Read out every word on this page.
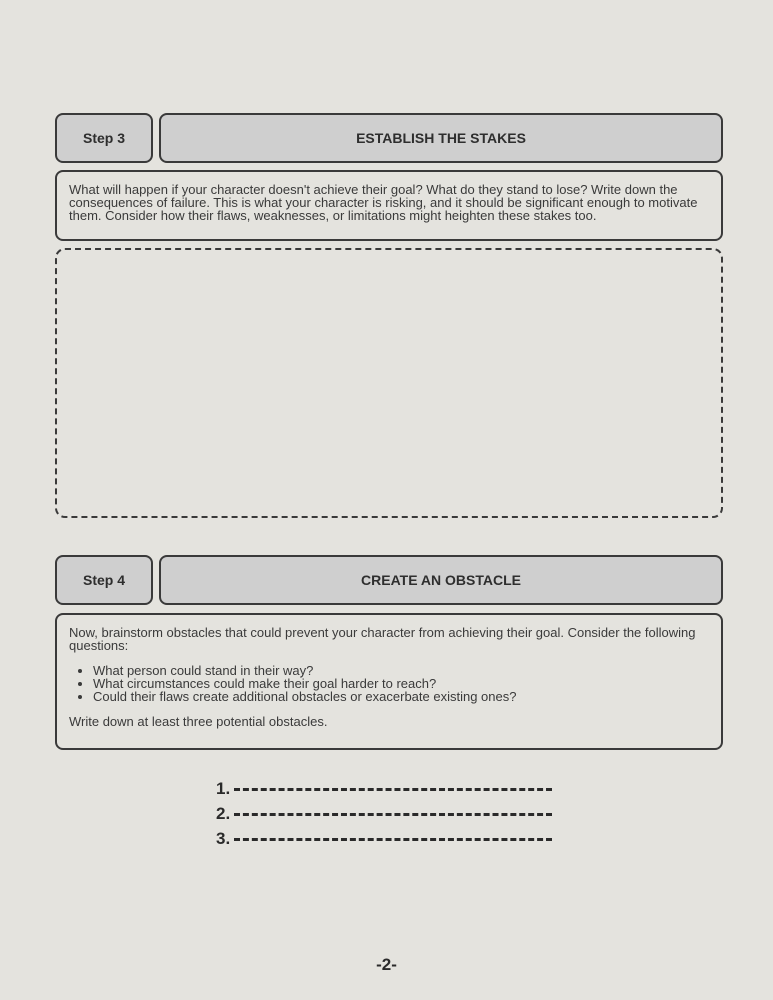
Step 3	ESTABLISH THE STAKES

What will happen if your character doesn't achieve their goal? What do they stand to lose? Write down the consequences of failure. This is what your character is risking, and it should be significant enough to motivate them. Consider how their flaws, weaknesses, or limitations might heighten these stakes too.

Step 4	CREATE AN OBSTACLE

Now, brainstorm obstacles that could prevent your character from achieving their goal. Consider the following questions:

• What person could stand in their way?
• What circumstances could make their goal harder to reach?
• Could their flaws create additional obstacles or exacerbate existing ones?

Write down at least three potential obstacles.

1.
2.
3.
-2-
